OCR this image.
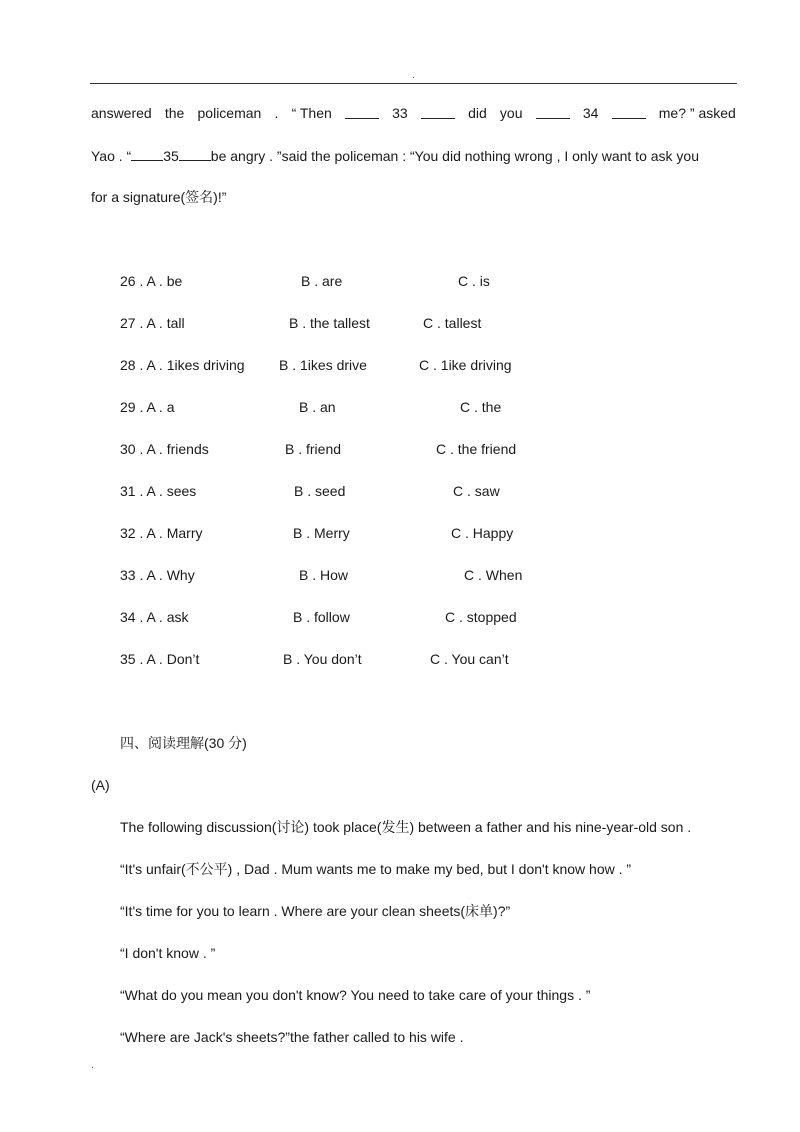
.
answered the policeman . “ Then	33	did you	34	me? ” asked
Yao . “ 35 be angry . ”said the policeman : “You did nothing wrong , I only want to ask you
for a signature(签名)!”
26 . A . be	B . are	C . is
27 . A . tall	B . the tallest	C . tallest
28 . A . 1ikes driving B . 1ikes drive	C . 1ike driving
29 . A . a	B . an	C . the
30 . A . friends	B . friend	C . the friend
31 . A . sees	B . seed	C . saw
32 . A . Marry	B . Merry	C . Happy
33 . A . Why	B . How	C . When
34 . A . ask	B . follow	C . stopped
35 . A . Don’t	B . You don’t	C . You can’t
四、阅读理解(30 分)
(A)
The following discussion(讨论) took place(发生) between a father and his nine-year-old son .
“It's unfair(不公平) , Dad . Mum wants me to make my bed, but I don't know how . ”
“It's time for you to learn . Where are your clean sheets(床单)?”
“I don't know . ”
“What do you mean you don't know? You need to take care of your things . ”
“Where are Jack's sheets?”the father called to his wife .
.
